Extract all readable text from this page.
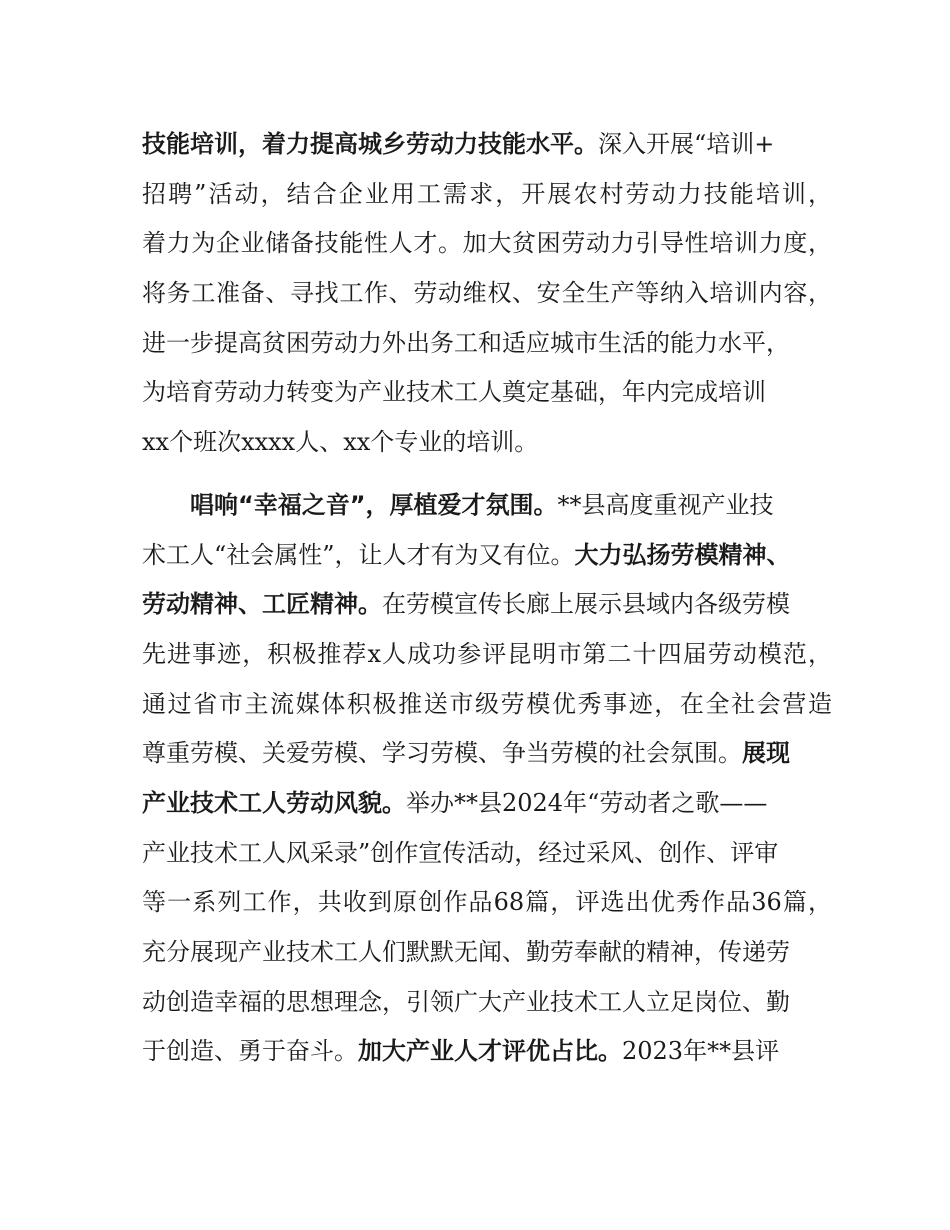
技能培训，着力提高城乡劳动力技能水平。深入开展“培训+
招聘”活动，结合企业用工需求，开展农村劳动力技能培训，
着力为企业储备技能性人才。加大贫困劳动力引导性培训力度，
将务工准备、寻找工作、劳动维权、安全生产等纳入培训内容，
进一步提高贫困劳动力外出务工和适应城市生活的能力水平，
为培育劳动力转变为产业技术工人奠定基础，年内完成培训
xx个班次xxxx人、xx个专业的培训。
唱响“幸福之音”，厚植爱才氛围。**县高度重视产业技
术工人“社会属性”，让人才有为又有位。大力弘扬劳模精神、
劳动精神、工匠精神。在劳模宣传长廊上展示县域内各级劳模
先进事迹，积极推荐x人成功参评昆明市第二十四届劳动模范，
通过省市主流媒体积极推送市级劳模优秀事迹，在全社会营造
尊重劳模、关爱劳模、学习劳模、争当劳模的社会氛围。展现
产业技术工人劳动风貌。举办**县2024年“劳动者之歌——
产业技术工人风采录”创作宣传活动，经过采风、创作、评审
等一系列工作，共收到原创作品68篇，评选出优秀作品36篇，
充分展现产业技术工人们默默无闻、勤劳奉献的精神，传递劳
动创造幸福的思想理念，引领广大产业技术工人立足岗位、勤
于创造、勇于奋斗。加大产业人才评优占比。2023年**县评
